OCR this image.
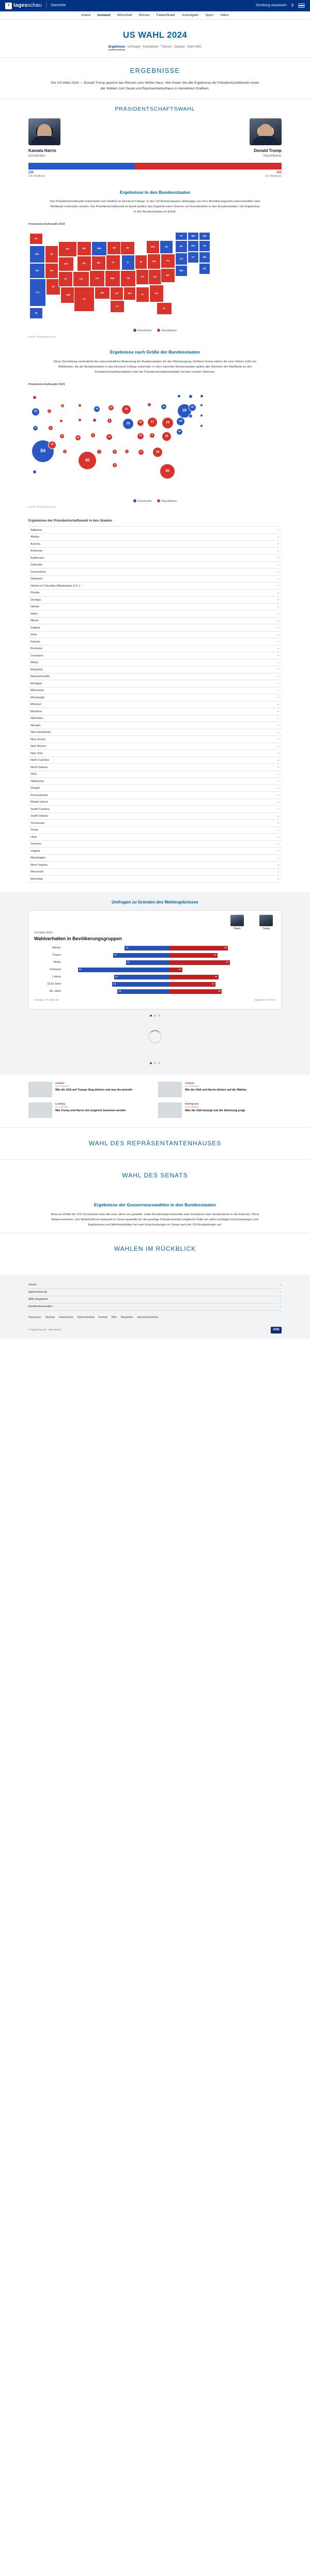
t tagesschau Startseite	Sendung anpassen ⚲
Inland Ausland Wirtschaft Wissen Faktenfinder Investigativ Sport Video
US WAHL 2024
Ergebnisse Umfragen Kandidaten Themen Zeitplan Wahl-ABC
ERGEBNISSE
Die US-Wahl 2024 — Donald Trump gewinnt das Rennen ums Weiße Haus. Hier finden Sie alle Ergebnisse der Präsidentschaftswahl sowie der Wahlen zum Senat und Repräsentantenhaus in interaktiven Grafiken.
PRÄSIDENTSCHAFTSWAHL
Kamala Harris
Demokraten
Donald Trump
Republikaner
226	312
226 Wahlleute	312 Wahlleute
Ergebnisse in den Bundesstaaten
Das Präsidentschaftswahl entscheidet sich letztlich im Electoral College. In den US-Bundesstaaten abhängige von ihrer Bevölkerungszahl unterschiedlich viele Wahlleute entsenden werden. Die Präsidentschaftswahl ist damit letztlich das Ergebnis einer Summe von Einzelwahlen in den Bundesstaaten. Die Ergebnisse in den Bundesstaaten im Detail:
Präsidentschaftswahl 2024
WA
OR
CA
ID
NV
AZ
MT
WY
UT
NM
CO
ND
SD
TX
KS
NE
MN
OK
IA
MO
WI
AR
LA
IL
MI
MS
IN
TN
KY
AL
OH
GA
SC
PA
NC
FL
WV	VA	NY
NJ
MD
MA
CT
ME
VT	NH
RI
DE
DC
HI
AK
Demokraten	Republikaner
Quelle: AP/tagesschau.de
Ergebnisse nach Größe der Bundesstaaten
Diese Darstellung verdeutlicht die unterschiedliche Bedeutung der Bundesstaaten für den Wahlausgang: Größere Kreise stehen für eine höhere Zahl von Wahlleuten, die der Bundesstaaten in das Electoral College entsendet. In dem manchen Bundesstaaten gelten alle Stimmen der Wahlleute an den Präsidentschaftskandidaten oder die Präsidentschaftskandidatin mit den meisten Stimmen.
Präsidentschaftswahl 2024
54
40
30
28
19
19	17
16
16
15
14
12
11
11
11
11
10
10
10
10
10
9
9
13
8
6
7
6
6
8
6
6
6
4
4
5
Demokraten	Republikaner
Quelle: AP/tagesschau.de
Ergebnisse der Präsidentschaftswahl in den Staaten
Alabama	⌄
Alaska	⌄
Arizona	⌄
Arkansas	⌄
Kalifornien	⌄
Colorado	⌄
Connecticut	⌄
Delaware	⌄
District of Columbia (Washington D.C.)	⌄
Florida	⌄
Georgia	⌄
Hawaii	⌄
Idaho	⌄
Illinois	⌄
Indiana	⌄
Iowa	⌄
Kansas	⌄
Kentucky	⌄
Louisiana	⌄
Maine	⌄
Maryland	⌄
Massachusetts	⌄
Michigan	⌄
Minnesota	⌄
Mississippi	⌄
Missouri	⌄
Montana	⌄
Nebraska	⌄
Nevada	⌄
New Hampshire	⌄
New Jersey	⌄
New Mexico	⌄
New York	⌄
North Carolina	⌄
North Dakota	⌄
Ohio	⌄
Oklahoma	⌄
Oregon	⌄
Pennsylvania	⌄
Rhode Island	⌄
South Carolina	⌄
South Dakota	⌄
Tennessee	⌄
Texas	⌄
Utah	⌄
Vermont	⌄
Virginia	⌄
Washington	⌄
West Virginia	⌄
Wisconsin	⌄
Wyoming	⌄
Umfragen zu Gründen des Wahlergebnisses
Harris	Trump
US Wahl 2024
Wahlverhalten in Bevölkerungsgruppen
Männer	42	55
Frauen	53	45
Weiße	41	57
Schwarze	86	12
Latinos	52	46
18-29 Jahre	54	43
65+ Jahre	49	49
Umfrage: AP VoteCast	Angaben in Prozent
Analyse
vor 2 Stunden
Wie die USA auf Trumps Sieg blicken und was ihn antreibt
Analyse
vor 4 Stunden
Wie die USA und Harris blicken auf die Wahlen
Liveblog
vor 1 Stunde
Wie Trump und Harris mit vergleich bewerten werden
Hintergrund
vor 6 Stunden
Was die USA bewegt und die Stimmung prägt
WAHL DES REPRÄSENTANTENHAUSES
WAHL DES SENATS
Ergebnisse der Gouverneurswahlen in den Bundesstaaten
Etwa ein Drittel der 100 Senatssitze wird alle zwei Jahre neu gewählt. Jeder Bundesstaat entsendet zwei Senatoren oder Senatorinnen in die Kammer. Diese Bürgervertretern. Der Wahlrhythmus bedeutet im Senat gewählte für die jeweilige Präsidentschaft zeitgleiche Rolle bei vielen wichtigen Entscheidungen und Ergebnissen und Mehrheitsbilden bei zwei Entscheidungen im Senat nach der US-Bundesländer auf.
WAHLEN IM RÜCKBLICK
Inland	⌄
tagesschau.de	⌄
ARD-Angebote	⌄
Rundfunkanstalten	⌄
Impressum Sitemap Datenschutz Barrierefreiheit Kontakt Hilfe Newsletter Sprachassistenten
© tagesschau.de · ARD-aktuell	ARD
